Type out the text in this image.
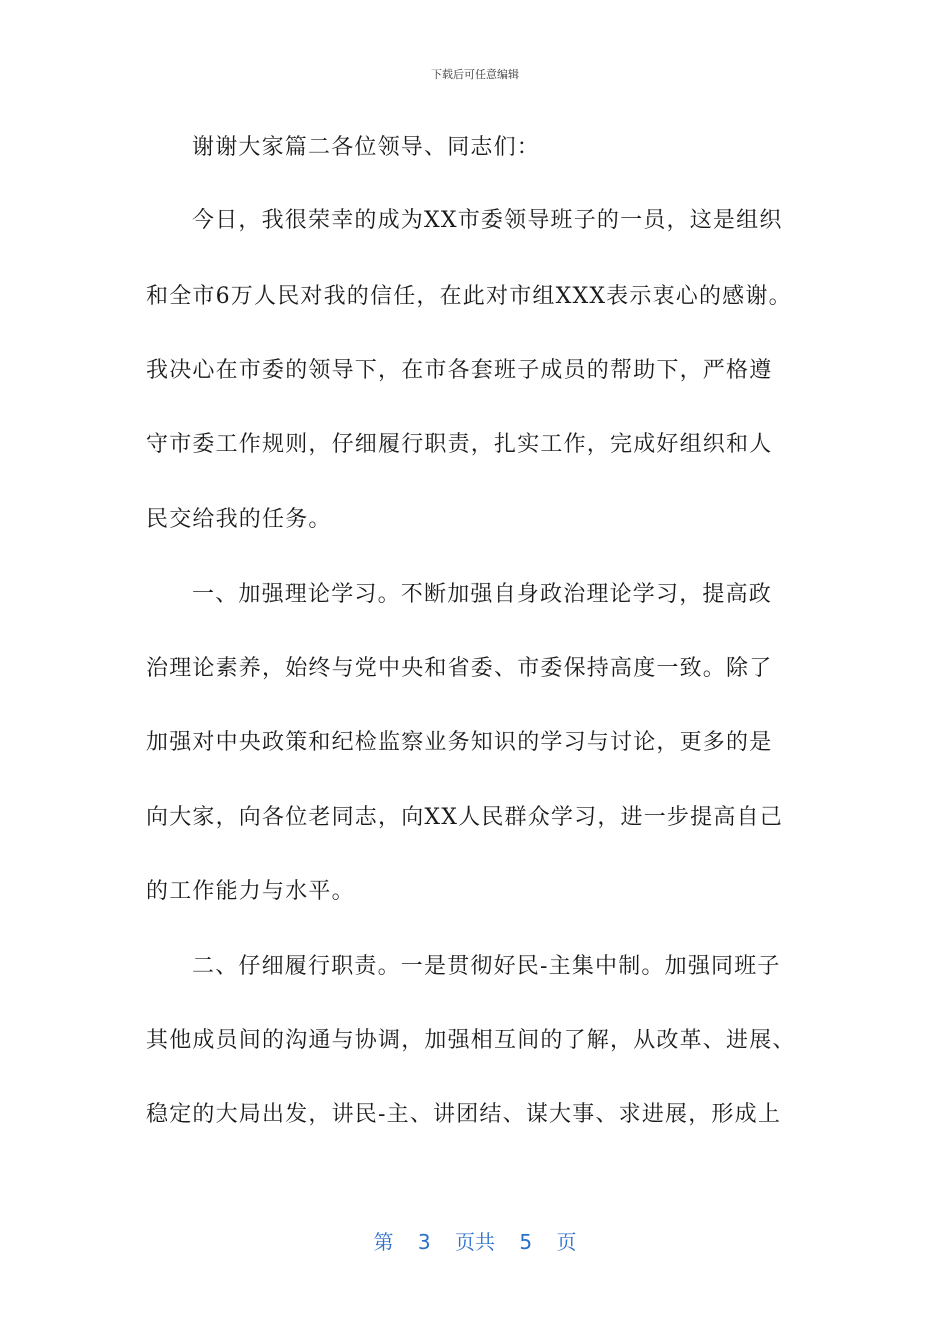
下载后可任意编辑
谢谢大家篇二各位领导、同志们：
今日，我很荣幸的成为XX市委领导班子的一员，这是组织
和全市6万人民对我的信任，在此对市组XXX表示衷心的感谢。
我决心在市委的领导下，在市各套班子成员的帮助下，严格遵
守市委工作规则，仔细履行职责，扎实工作，完成好组织和人
民交给我的任务。
一、加强理论学习。不断加强自身政治理论学习，提高政
治理论素养，始终与党中央和省委、市委保持高度一致。除了
加强对中央政策和纪检监察业务知识的学习与讨论，更多的是
向大家，向各位老同志，向XX人民群众学习，进一步提高自己
的工作能力与水平。
二、仔细履行职责。一是贯彻好民-主集中制。加强同班子
其他成员间的沟通与协调，加强相互间的了解，从改革、进展、
稳定的大局出发，讲民-主、讲团结、谋大事、求进展，形成上
第 3 页共 5 页
